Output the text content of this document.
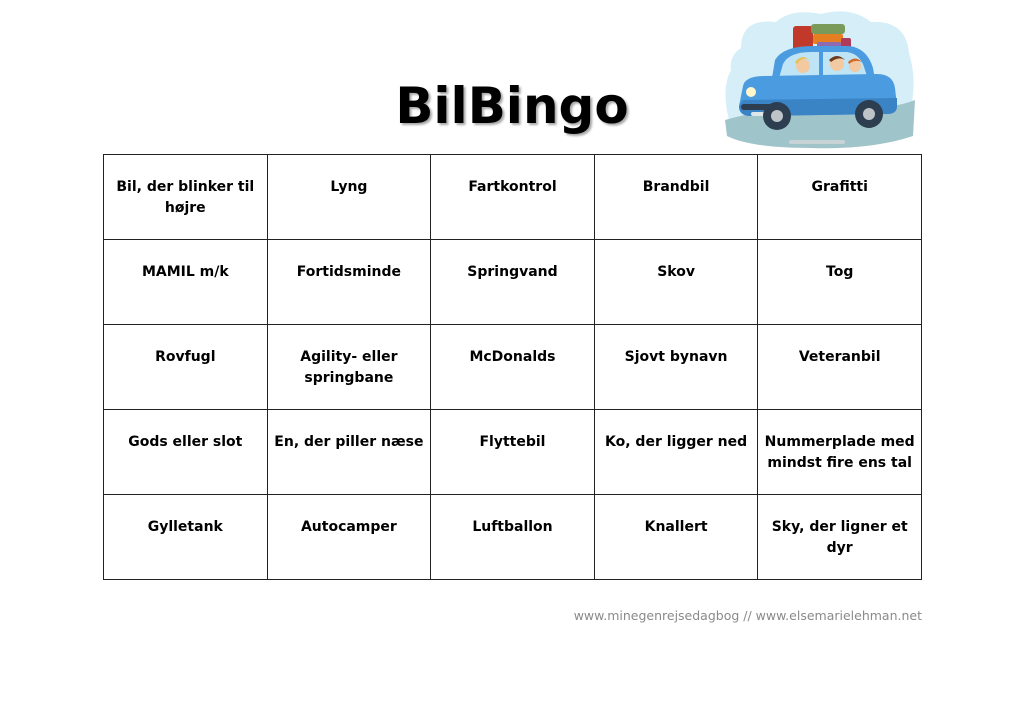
BilBingo
Bil, der blinker til højre	Lyng	Fartkontrol	Brandbil	Grafitti
MAMIL m/k	Fortidsminde	Springvand	Skov	Tog
Rovfugl	Agility- eller springbane	McDonalds	Sjovt bynavn	Veteranbil
Gods eller slot	En, der piller næse	Flyttebil	Ko, der ligger ned	Nummerplade med mindst fire ens tal
Gylletank	Autocamper	Luftballon	Knallert	Sky, der ligner et dyr
www.minegenrejsedagbog // www.elsemarielehman.net
